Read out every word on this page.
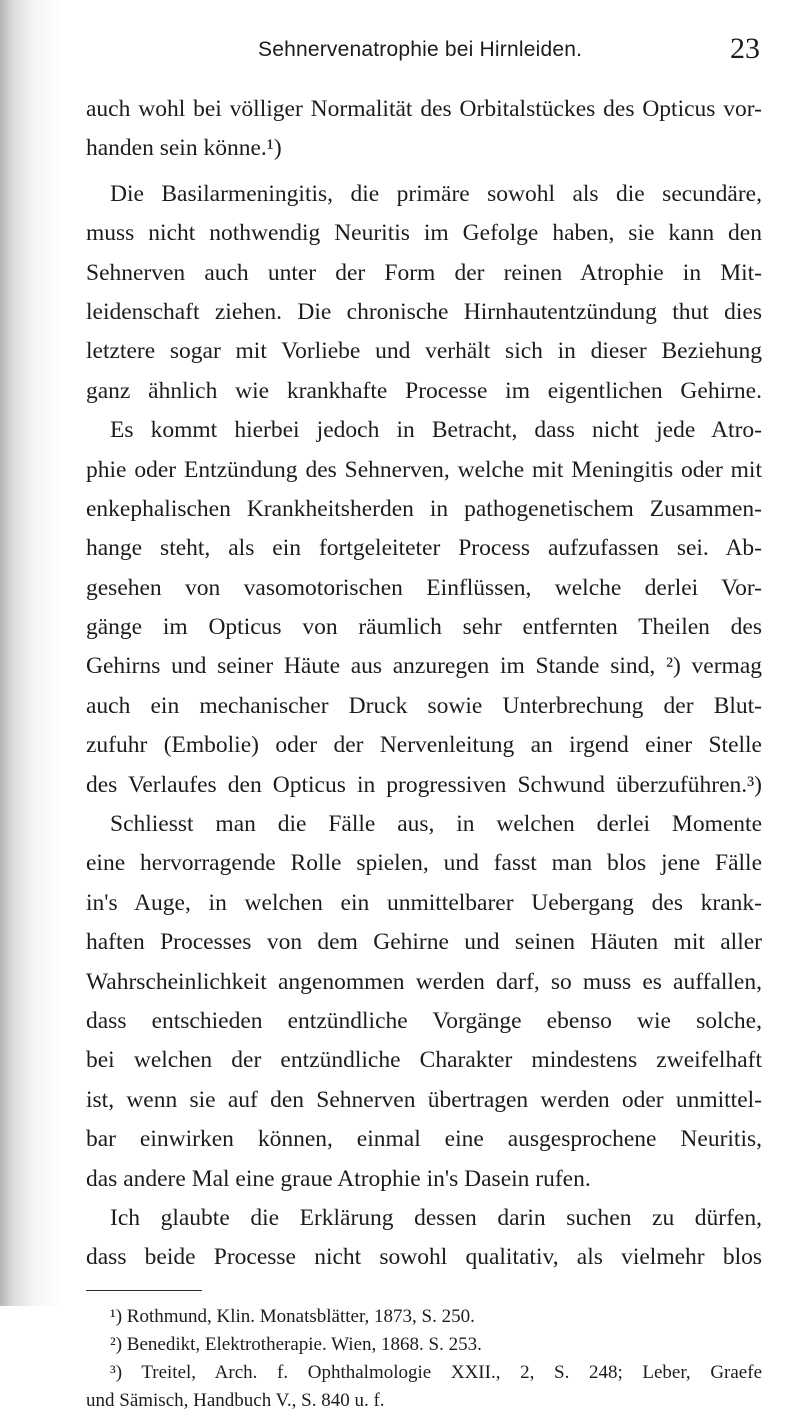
Sehnervenatrophie bei Hirnleiden.	23
auch wohl bei völliger Normalität des Orbitalstückes des Opticus vor-
handen sein könne.¹)
Die Basilarmeningitis, die primäre sowohl als die secundäre,
muss nicht nothwendig Neuritis im Gefolge haben, sie kann den
Sehnerven auch unter der Form der reinen Atrophie in Mit-
leidenschaft ziehen. Die chronische Hirnhautentzündung thut dies
letztere sogar mit Vorliebe und verhält sich in dieser Beziehung
ganz ähnlich wie krankhafte Processe im eigentlichen Gehirne.
Es kommt hierbei jedoch in Betracht, dass nicht jede Atro-
phie oder Entzündung des Sehnerven, welche mit Meningitis oder mit
enkephalischen Krankheitsherden in pathogenetischem Zusammen-
hange steht, als ein fortgeleiteter Process aufzufassen sei. Ab-
gesehen von vasomotorischen Einflüssen, welche derlei Vor-
gänge im Opticus von räumlich sehr entfernten Theilen des
Gehirns und seiner Häute aus anzuregen im Stande sind, ²) vermag
auch ein mechanischer Druck sowie Unterbrechung der Blut-
zufuhr (Embolie) oder der Nervenleitung an irgend einer Stelle
des Verlaufes den Opticus in progressiven Schwund überzuführen.³)
Schliesst man die Fälle aus, in welchen derlei Momente
eine hervorragende Rolle spielen, und fasst man blos jene Fälle
in's Auge, in welchen ein unmittelbarer Uebergang des krank-
haften Processes von dem Gehirne und seinen Häuten mit aller
Wahrscheinlichkeit angenommen werden darf, so muss es auffallen,
dass entschieden entzündliche Vorgänge ebenso wie solche,
bei welchen der entzündliche Charakter mindestens zweifelhaft
ist, wenn sie auf den Sehnerven übertragen werden oder unmittel-
bar einwirken können, einmal eine ausgesprochene Neuritis,
das andere Mal eine graue Atrophie in's Dasein rufen.
Ich glaubte die Erklärung dessen darin suchen zu dürfen,
dass beide Processe nicht sowohl qualitativ, als vielmehr blos
¹) Rothmund, Klin. Monatsblätter, 1873, S. 250.
²) Benedikt, Elektrotherapie. Wien, 1868. S. 253.
³) Treitel, Arch. f. Ophthalmologie XXII., 2, S. 248; Leber, Graefe
und Sämisch, Handbuch V., S. 840 u. f.
